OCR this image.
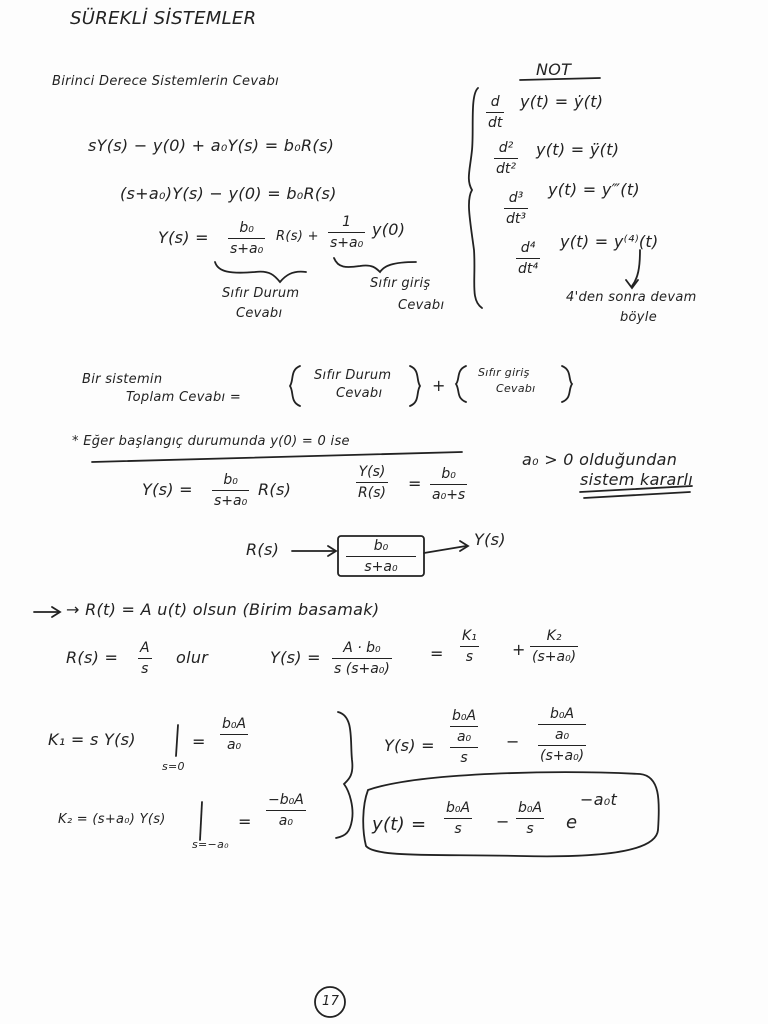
SÜREKLİ SİSTEMLER
Birinci Derece Sistemlerin Cevabı
sY(s) − y(0) + a₀Y(s) = b₀R(s)
(s+a₀)Y(s) − y(0) = b₀R(s)
Y(s) = b₀
s+a₀
R(s) +
1
s+a₀
y(0)
Sıfır Durum
Cevabı
Sıfır giriş
Cevabı
NOT
d
dt
y(t) = ẏ(t)
d²
dt²
y(t) = ÿ(t)
d³
dt³
y(t) = y‴(t)
d⁴
dt⁴
y(t) = y⁽⁴⁾(t)
4'den sonra devam
böyle
Bir sistemin
Toplam Cevabı =
Sıfır Durum
Cevabı	+
Sıfır giriş
Cevabı
* Eğer başlangıç durumunda y(0) = 0 ise
Y(s) = b₀
s+a₀
R(s)
Y(s)
R(s) = b₀
a₀+s
a₀ > 0 olduğundan
sistem kararlı
R(s)	b₀
s+a₀
Y(s)
→ R(t) = A u(t) olsun (Birim basamak)
R(s) = A
s
olur	Y(s) = A · b₀
s (s+a₀)
=
K₁
s +
K₂
(s+a₀)
K₁ = s Y(s)
s=0
=
b₀A
a₀
K₂ = (s+a₀) Y(s)
s=−a₀
=
−b₀A
a₀
Y(s) =
b₀A
a₀
s
−
b₀A
a₀
(s+a₀)
y(t) =
b₀A
s −
b₀A
s e
−a₀t
17
